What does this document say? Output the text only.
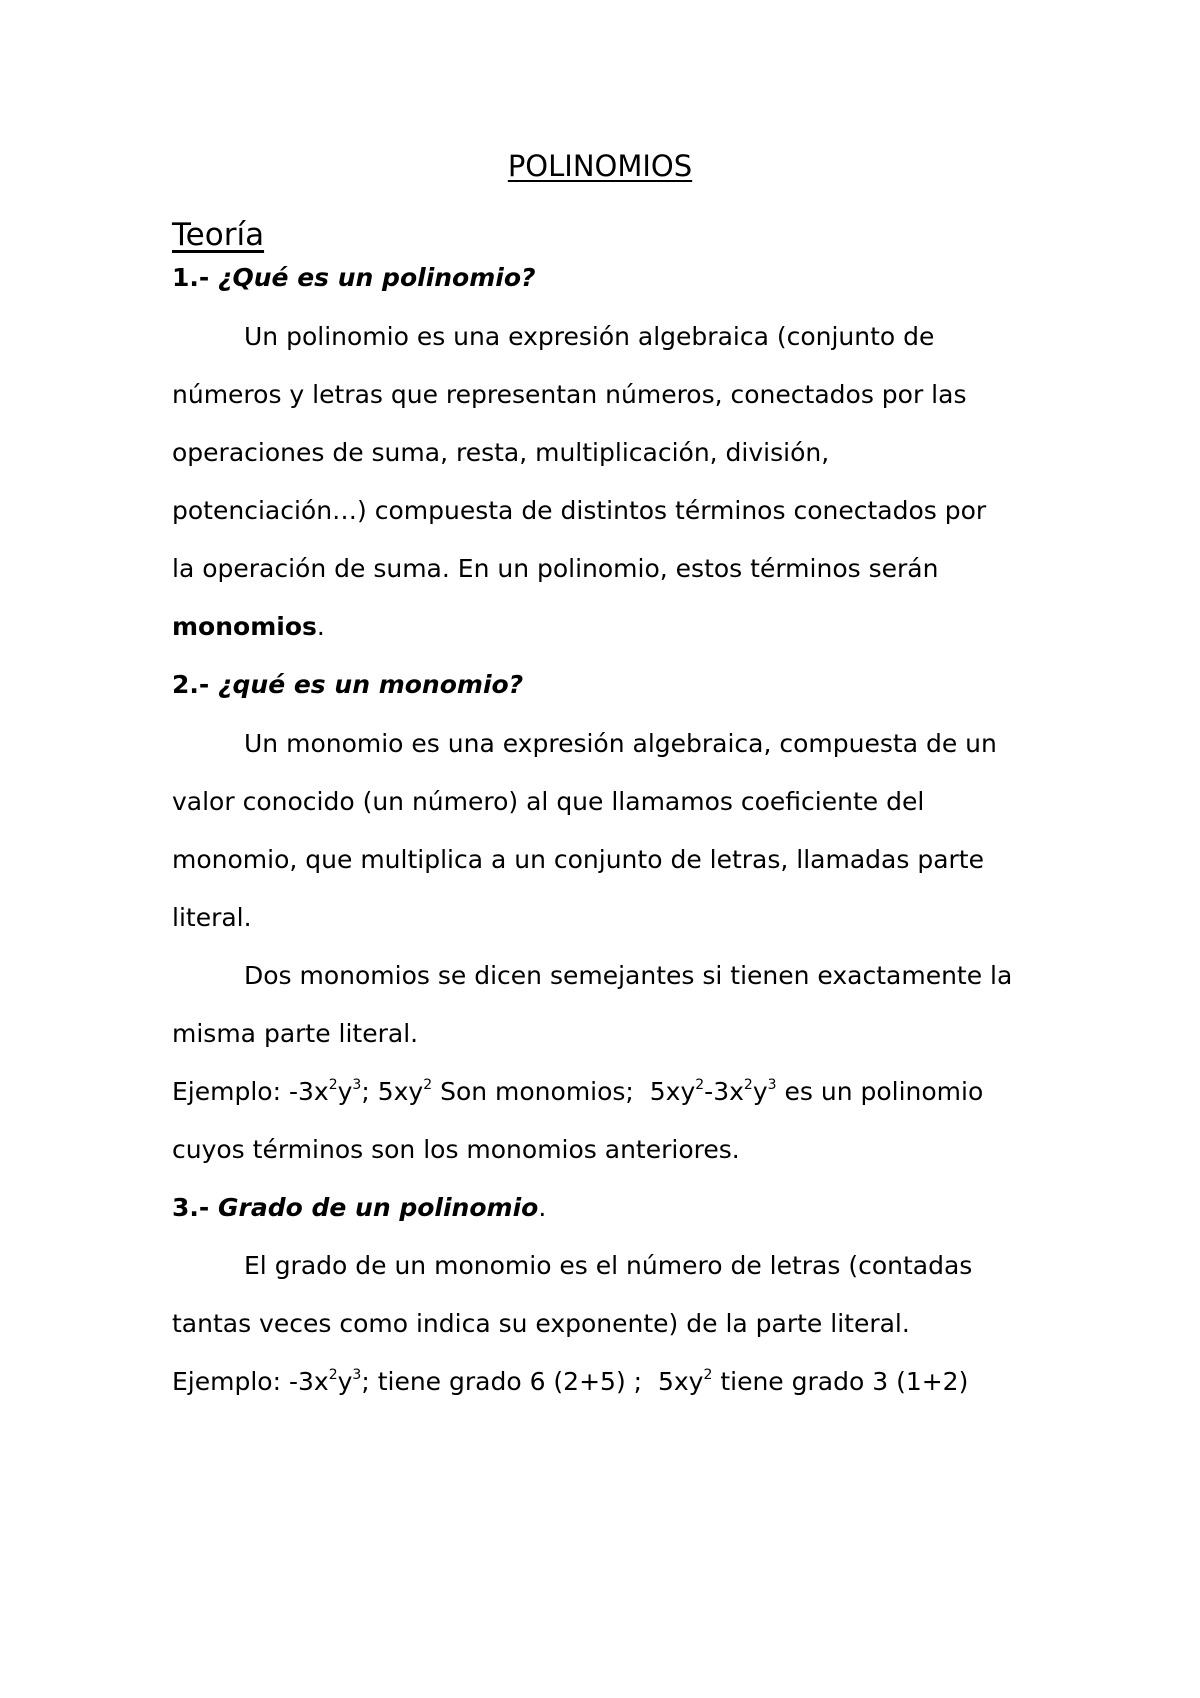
POLINOMIOS
Teoría
1.- ¿Qué es un polinomio?
Un polinomio es una expresión algebraica (conjunto de
números y letras que representan números, conectados por las
operaciones de suma, resta, multiplicación, división,
potenciación…) compuesta de distintos términos conectados por
la operación de suma. En un polinomio, estos términos serán
monomios.
2.- ¿qué es un monomio?
Un monomio es una expresión algebraica, compuesta de un
valor conocido (un número) al que llamamos coeficiente del
monomio, que multiplica a un conjunto de letras, llamadas parte
literal.
Dos monomios se dicen semejantes si tienen exactamente la
misma parte literal.
Ejemplo: $-3x^2y^3$; $5xy^2$ Son monomios;  $5xy^2-3x^2y^3$ es un polinomio
cuyos términos son los monomios anteriores.
3.- Grado de un polinomio.
El grado de un monomio es el número de letras (contadas
tantas veces como indica su exponente) de la parte literal.
Ejemplo: $-3x^2y^3$; tiene grado 6 (2+5) ;  $5xy^2$ tiene grado 3 (1+2)
